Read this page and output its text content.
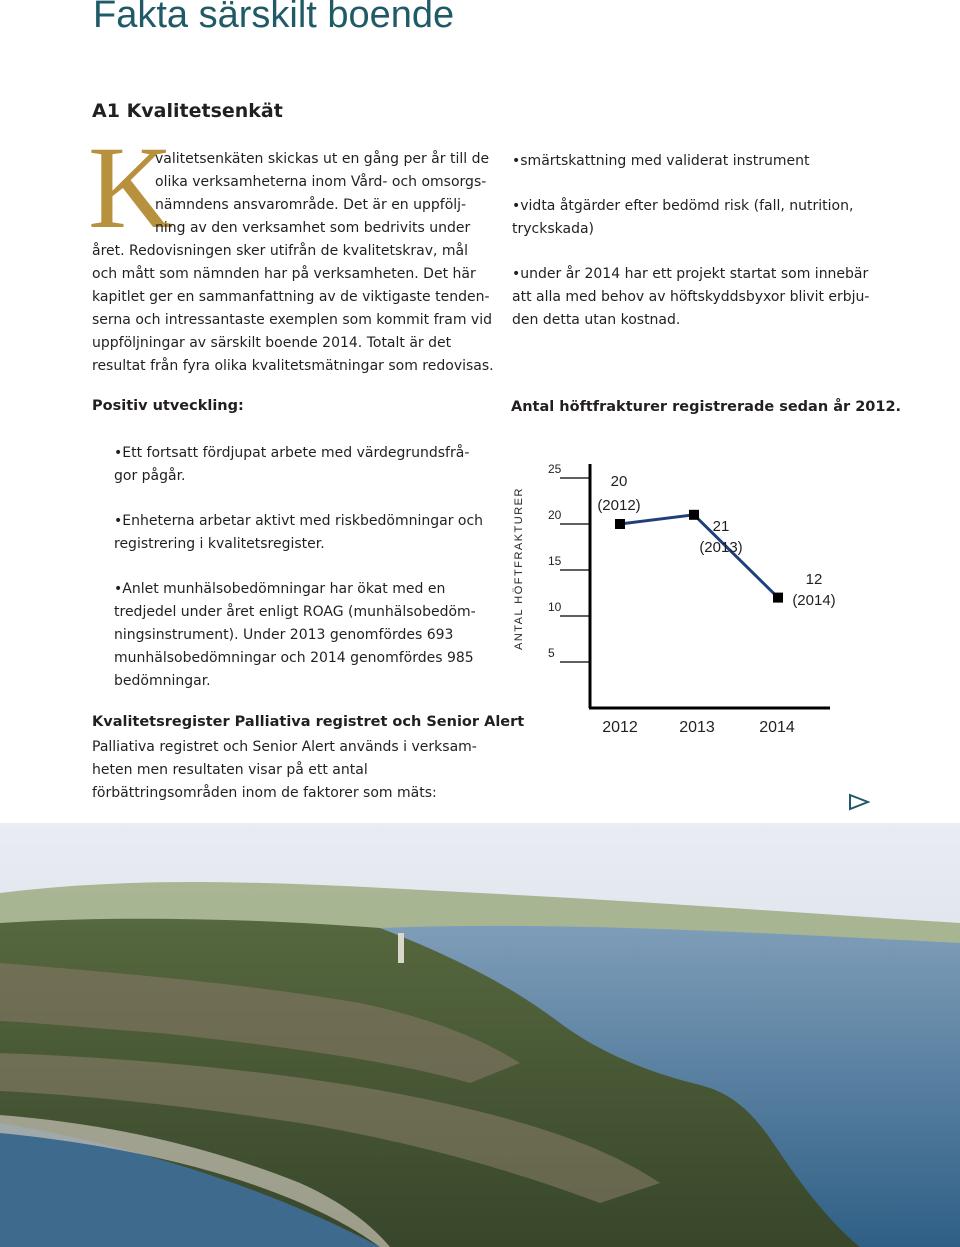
Fakta särskilt boende
A1 Kvalitetsenkät
K
valitetsenkäten skickas ut en gång per år till de
olika verksamheterna inom Vård- och omsorgs-
nämndens ansvarområde. Det är en uppfölj-
ning av den verksamhet som bedrivits under
året. Redovisningen sker utifrån de kvalitetskrav, mål
och mått som nämnden har på verksamheten. Det här
kapitlet ger en sammanfattning av de viktigaste tenden-
serna och intressantaste exemplen som kommit fram vid
uppföljningar av särskilt boende 2014. Totalt är det
resultat från fyra olika kvalitetsmätningar som redovisas.

•smärtskattning med validerat instrument

•vidta åtgärder efter bedömd risk (fall, nutrition,
tryckskada)

•under år 2014 har ett projekt startat som innebär
att alla med behov av höftskyddsbyxor blivit erbju-
den detta utan kostnad.

Positiv utveckling:	Antal höftfrakturer registrerade sedan år 2012.

•Ett fortsatt fördjupat arbete med värdegrundsfrå-
gor pågår.

•Enheterna arbetar aktivt med riskbedömningar och
registrering i kvalitetsregister.

•Anlet munhälsobedömningar har ökat med en
tredjedel under året enligt ROAG (munhälsobedöm-
ningsinstrument). Under 2013 genomfördes 693
munhälsobedömningar och 2014 genomfördes 985
bedömningar.

Kvalitetsregister Palliativa registret och Senior Alert
Palliativa registret och Senior Alert används i verksam-
heten men resultaten visar på ett antal
förbättringsområden inom de faktorer som mäts:
ANTAL HÖFTFRAKTURER
25
20
15
10
5
20
(2012)
21
(2013)
12
(2014)
2012	2013	2014
